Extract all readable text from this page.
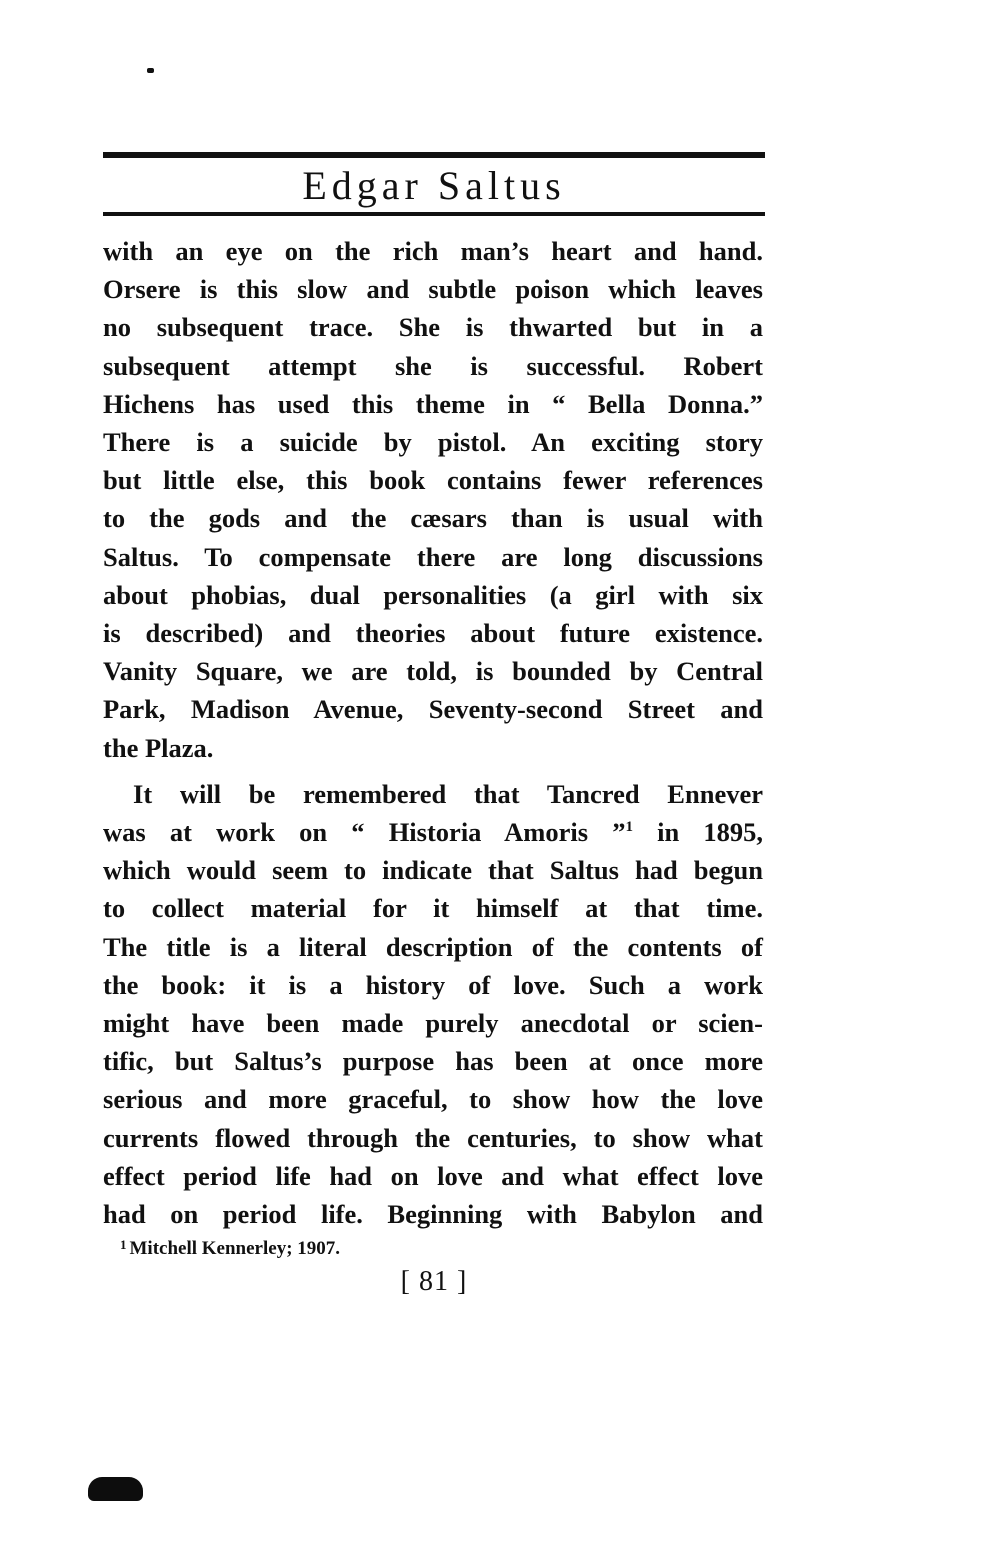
Edgar Saltus
with an eye on the rich man’s heart and hand.
Orsere is this slow and subtle poison which leaves
no subsequent trace. She is thwarted but in a
subsequent attempt she is successful. Robert
Hichens has used this theme in “ Bella Donna.”
There is a suicide by pistol. An exciting story
but little else, this book contains fewer references
to the gods and the cæsars than is usual with
Saltus. To compensate there are long discussions
about phobias, dual personalities (a girl with six
is described) and theories about future existence.
Vanity Square, we are told, is bounded by Central
Park, Madison Avenue, Seventy-second Street and
the Plaza.
It will be remembered that Tancred Ennever
was at work on “ Historia Amoris ”$^1$ in 1895,
which would seem to indicate that Saltus had begun
to collect material for it himself at that time.
The title is a literal description of the contents of
the book: it is a history of love. Such a work
might have been made purely anecdotal or scien-
tific, but Saltus’s purpose has been at once more
serious and more graceful, to show how the love
currents flowed through the centuries, to show what
effect period life had on love and what effect love
had on period life. Beginning with Babylon and
$^1$ Mitchell Kennerley; 1907.
[ 81 ]
